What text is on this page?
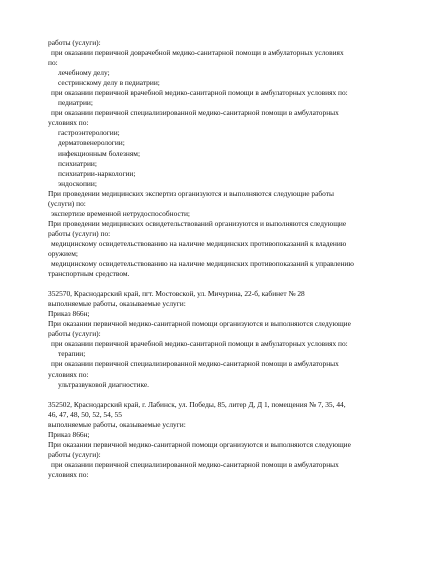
работы (услуги):
при оказании первичной доврачебной медико-санитарной помощи в амбулаторных условиях
по:
лечебному делу;
сестринскому делу в педиатрии;
при оказании первичной врачебной медико-санитарной помощи в амбулаторных условиях по:
педиатрии;
при оказании первичной специализированной медико-санитарной помощи в амбулаторных
условиях по:
гастроэнтерологии;
дерматовенерологии;
инфекционным болезням;
психиатрии;
психиатрии-наркологии;
эндоскопии;
При проведении медицинских экспертиз организуются и выполняются следующие работы
(услуги) по:
экспертизе временной нетрудоспособности;
При проведении медицинских освидетельствований организуются и выполняются следующие
работы (услуги) по:
медицинскому освидетельствованию на наличие медицинских противопоказаний к владению
оружием;
медицинскому освидетельствованию на наличие медицинских противопоказаний к управлению
транспортным средством.
352570, Краснодарский край, пгт. Мостовской, ул. Мичурина, 22-б, кабинет № 28
выполняемые работы, оказываемые услуги:
Приказ 866н;
При оказании первичной медико-санитарной помощи организуются и выполняются следующие
работы (услуги):
при оказании первичной врачебной медико-санитарной помощи в амбулаторных условиях по:
терапии;
при оказании первичной специализированной медико-санитарной помощи в амбулаторных
условиях по:
ультразвуковой диагностике.
352502, Краснодарский край, г. Лабинск, ул. Победы, 85, литер Д, Д 1, помещения № 7, 35, 44,
46, 47, 48, 50, 52, 54, 55
выполняемые работы, оказываемые услуги:
Приказ 866н;
При оказании первичной медико-санитарной помощи организуются и выполняются следующие
работы (услуги):
при оказании первичной специализированной медико-санитарной помощи в амбулаторных
условиях по:
